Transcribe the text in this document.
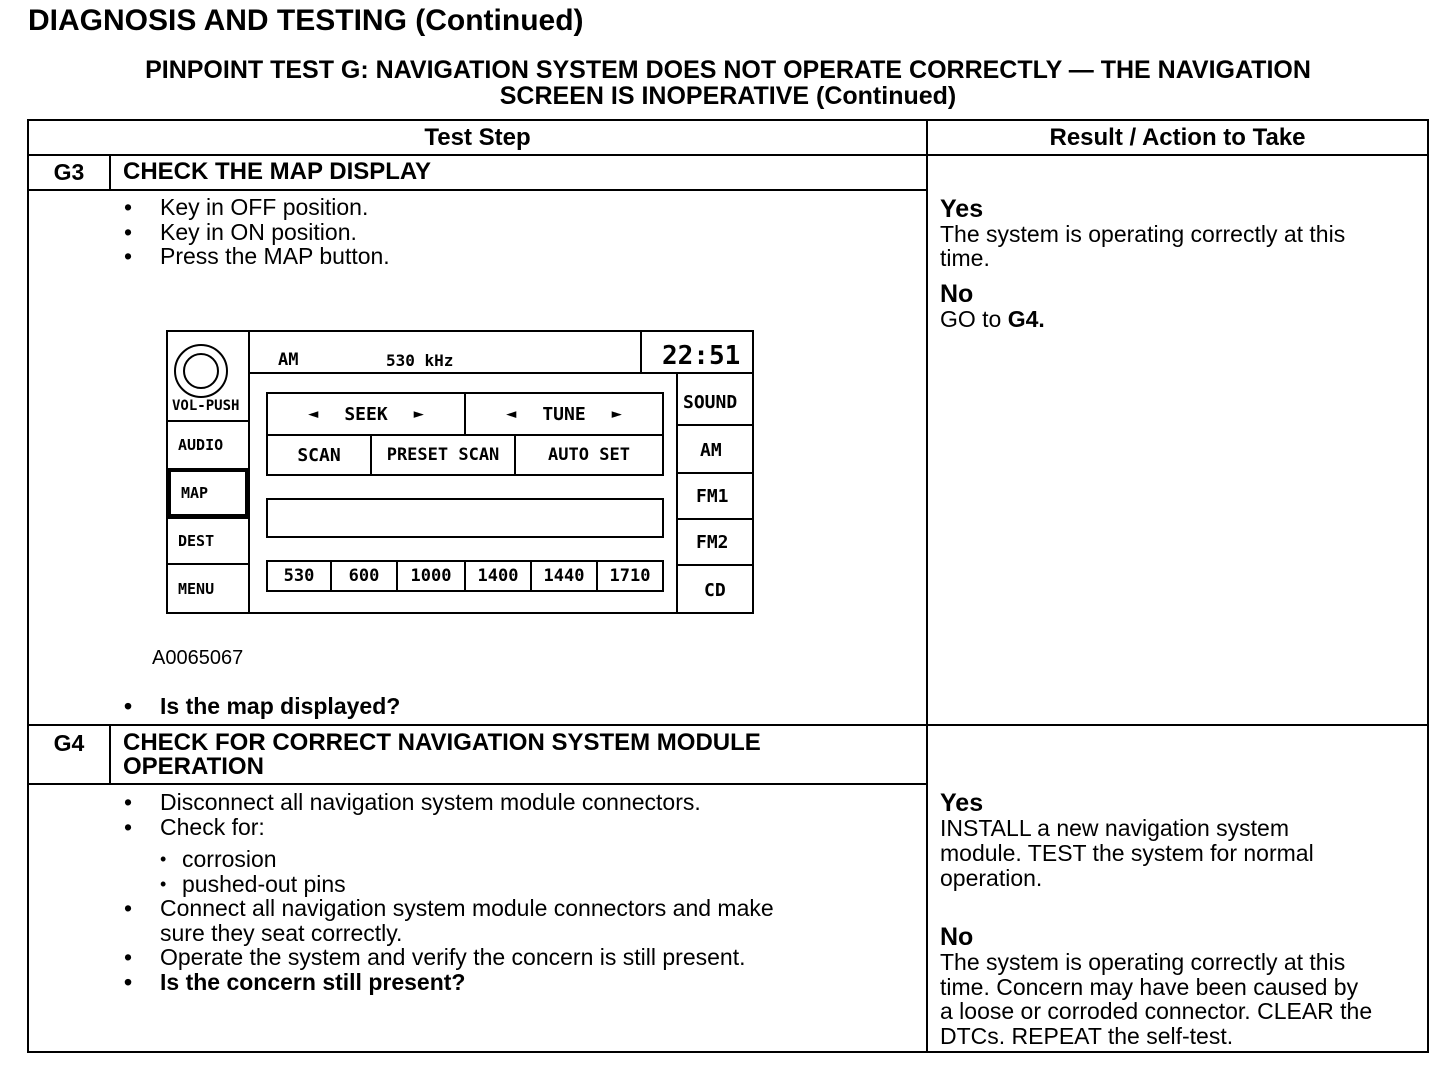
DIAGNOSIS AND TESTING (Continued)
PINPOINT TEST G: NAVIGATION SYSTEM DOES NOT OPERATE CORRECTLY — THE NAVIGATION
SCREEN IS INOPERATIVE (Continued)
Test Step	Result / Action to Take
G3	CHECK THE MAP DISPLAY
• Key in OFF position.
• Key in ON position.
• Press the MAP button.
VOL-PUSH
AUDIO
MAP
DEST
MENU
AM	530 kHz	22:51
SOUND
AM
FM1
FM2
CD
◄ SEEK ►	◄ TUNE ►
SCAN	PRESET SCAN	AUTO SET
530	600	1000	1400	1440	1710
A0065067
• Is the map displayed?
Yes
The system is operating correctly at this
time.
No
GO to G4.
G4	CHECK FOR CORRECT NAVIGATION SYSTEM MODULE
OPERATION
• Disconnect all navigation system module connectors.
• Check for:
• corrosion
• pushed-out pins
• Connect all navigation system module connectors and make
sure they seat correctly.
• Operate the system and verify the concern is still present.
• Is the concern still present?
Yes
INSTALL a new navigation system
module. TEST the system for normal
operation.
No
The system is operating correctly at this
time. Concern may have been caused by
a loose or corroded connector. CLEAR the
DTCs. REPEAT the self-test.
